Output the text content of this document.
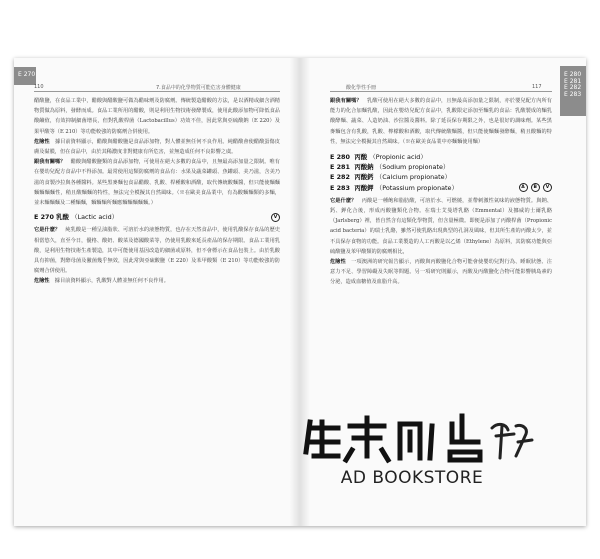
E 270
110	7.食品中的化學物質可能危害身體健康

醋酸鹽，在食品工業中，醋酸與醋酸鹽可做為醋味劑及防腐劑。傳統製造醋酸的方法，是以酒精或細含酒精物質做為原料，發酵而成。食品工業所用的醋酸，則是利用生物技術發酵製成，使用此酸添加物可降低食品酸鹼值，有效抑制細菌增長，但對乳酸桿菌（Lactobacillus）功效不佳，因此常與亞硫酸鈉（E 220）及果甲酸等（E 210）等功能較強的防腐劑合併使用。

危險性　 據目前資料顯示，醋酸與醋酸鹽是食品添加物，對人體並無任何不良作用。純醋酸會使醋酸蛋傷皮膚及黏膜，但在食品中，由於其稀濃度非對健康有所危害，並無造成任何不良影響之虞。

跟我有關嗎？　 醋酸與醋酸鹽類的食品添加物，可使用在絕大多數的食品中，且無最高添加量之限制。唯有在嬰幼兒配方食品中不得添加。最常使用這類防腐劑的食品有：水果及蔬菜罐頭、魚罐頭、美乃滋，含美乃滋的食製沙拉與各種醬料。某些黑麥麵包食品醋酸、乳酸、桿種酸和酒酸，取代傳統酸麵醬，但只能使麵麵麵麵麵麵性，稍且酸麵麵的特性，無法完全模擬其自然風味。（※在歐美食品業中，有為酸麵麵類的多麵，並未麵麵麵及二種麵麵，麵麵麵所麵應麵麵麵麵麵。）

E 270 乳酸 （Lactic acid）	V

它是什麼？　 純乳酸是一種呈油脂狀、可溶於水的液態物質，也存在天然食品中，使用乳酸保存食品的歷史相當悠久，直至今日，優格、酸奶、酸菜及德國酸菜等，仍使用乳酸來延長產品的保存期限。食品工業用乳酸，是利用生物技術生產製造，其中可能使用基因改造的細菌或原料，但不會標示在食品包裝上。由於乳酸具有抑菌，對酵母菌及黴菌幾乎無效，因此常與亞硫酸鹽（E 220）及苯甲酸類（E 210）等功能較強的防腐劑合併使用。

危險性　 據目前資料顯示，乳酸對人體並無任何不良作用。

E 280
E 281
E 282
E 283
酸化學性手冊	117

跟我有關嗎？　 乳酸可使用在絕大多數的食品中，且無最高添加量之限制，亦於嬰兒配方內所有能力的化合加麵乳酸，因此在嬰幼兒配方食品中，乳酸限定添加至麵乳的食品：乳酸製成的麵乳酸酵麵、蔬菜、人造奶油、沙拉醬及醬料。除了延長保存期限之外，也是很好的調味劑。某些黑麥麵包含有乳酸，乳酸、檸檬酸和酒酸，取代傳統酸麵醬，但只能使麵麵發酵麵，稍且酸麵的特性，無法完全模擬其自然風味。（※在歐美食品業中亦麵麵使用麵）

E 280 丙酸 （Propionic acid）
E 281 丙酸鈉 （Sodium propionate）
E 282 丙酸鈣 （Calcium propionate）
E 283 丙酸鉀 （Potassium propionate）	A B V

它是什麼？　 丙酸是一種飽和脂肪酸，可溶於水、可燃燒，並帶刺激性氣味的液態物質。與鈉、鈣、鉀化合後，形成丙酸鹽類化合物。在瑞士艾曼塔乳酪（Emmental）及挪威的士爾乳酪（Jarlsberg）裡，皆自然含有這類化學物質，但含量極微。即便是添加了丙酸桿菌（Propionic acid bacteria）的瑞士乳酪，雖然可使乳酪出現典型的孔洞及風味，但其所生產的丙酸太少，並不具保存食物的功能。食品工業製造的人工丙酸是以乙烯（Ethylene）為原料，其防腐功能與亞硫酸鹽及苯甲酸類的防腐劑相比，

危險性　 一項澳洲的研究報告顯示，丙酸與丙酸鹽化合物可能會使嬰幼兒對行為、睡眠狀態、注意力不足、學習障礙及失眠等問題。另一項研究則顯示，丙酸及丙酸鹽化合物可能影響胰島素的分泌，造成血糖值及血脂升高。

AD BOOKSTORE
